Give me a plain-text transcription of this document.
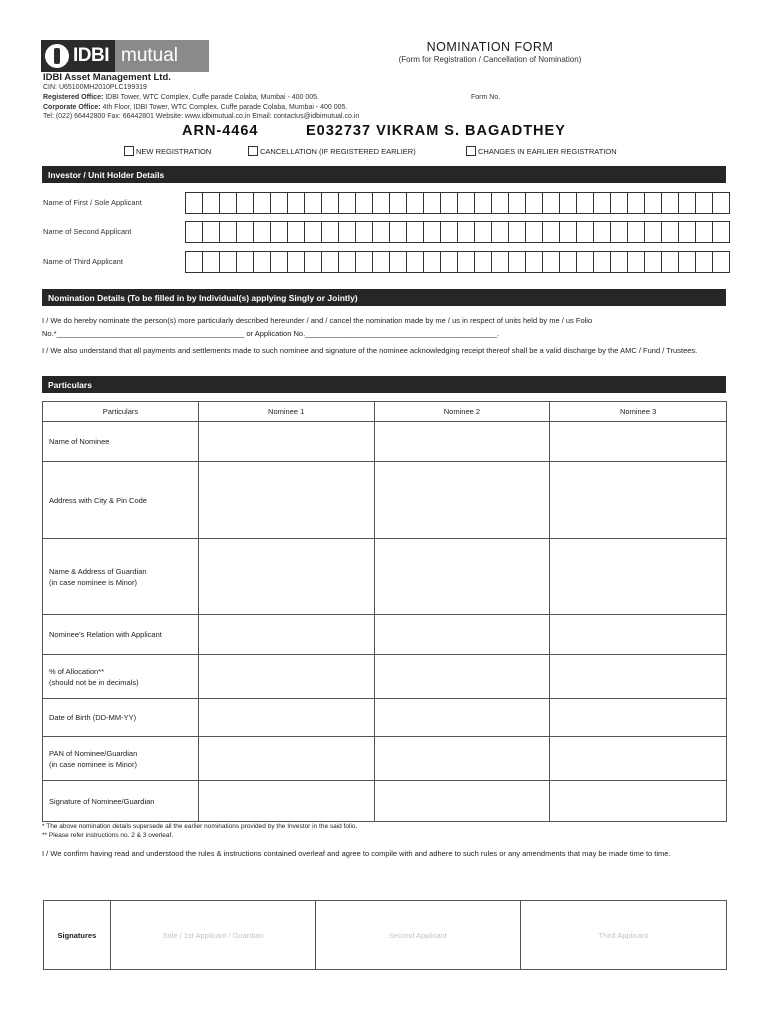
IDBI mutual	NOMINATION FORM
(Form for Registration / Cancellation of Nomination)
IDBI Asset Management Ltd.
CIN: U65100MH2010PLC199319
Registered Office: IDBI Tower, WTC Complex, Cuffe parade Colaba, Mumbai - 400 005.
Corporate Office: 4th Floor, IDBI Tower, WTC Complex, Cuffe parade Colaba, Mumbai - 400 005.
Tel: (022) 66442800 Fax: 66442801 Website: www.idbimutual.co.in Email: contactus@idbimutual.co.in
Form No.
ARN-4464	E032737 VIKRAM S. BAGADTHEY
NEW REGISTRATION	CANCELLATION (IF REGISTERED EARLIER)	CHANGES IN EARLIER REGISTRATION
Investor / Unit Holder Details
Name of First / Sole Applicant
Name of Second Applicant
Name of Third Applicant
Nomination Details (To be filled in by Individual(s) applying Singly or Jointly)
I / We do hereby nominate the person(s) more particularly described hereunder / and / cancel the nomination made by me / us in respect of units held by me / us Folio No.*_____________________________________________ or Application No.______________________________________________.
I / We also understand that all payments and settlements made to such nominee and signature of the nominee acknowledging receipt thereof shall be a valid discharge by the AMC / Fund / Trustees.
Particulars
Particulars	Nominee 1	Nominee 2	Nominee 3
Name of Nominee			
Address with City & Pin Code			
Name & Address of Guardian
(in case nominee is Minor)			
Nominee’s Relation with Applicant			
% of Allocation**
(should not be in decimals)			
Date of Birth (DD-MM-YY)			
PAN of Nominee/Guardian
(in case nominee is Minor)			
Signature of Nominee/Guardian			
* The above nomination details supersede all the earlier nominations provided by the Investor in the said folio.
** Please refer instructions no. 2 & 3 overleaf.
I / We confirm having read and understood the rules & instructions contained overleaf and agree to compile with and adhere to such rules or any amendments that may be made time to time.
Signatures	Sole / 1st Applicant / Guardian	Second Applicant	Third Applicant
